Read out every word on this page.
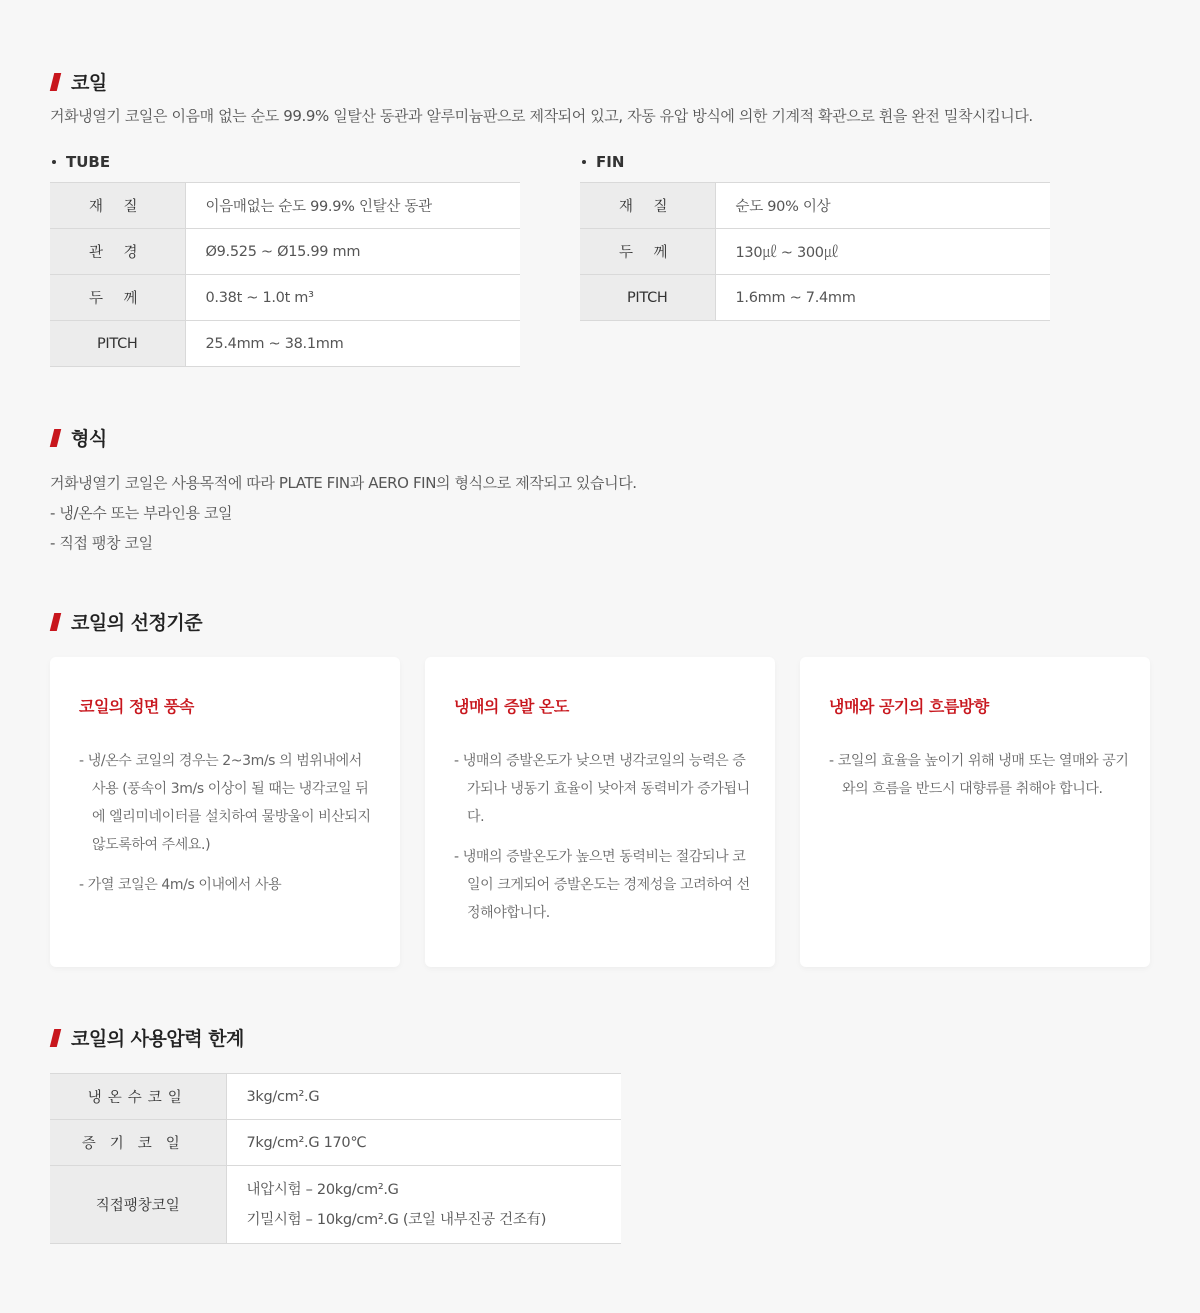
코일
거화냉열기 코일은 이음매 없는 순도 99.9% 일탈산 동관과 알루미늄판으로 제작되어 있고, 자동 유압 방식에 의한 기계적 확관으로 휜을 완전 밀착시킵니다.
TUBE
재 질	이음매없는 순도 99.9% 인탈산 동관
관 경	Ø9.525 ~ Ø15.99 mm
두 께	0.38t ~ 1.0t m³
PITCH	25.4mm ~ 38.1mm
FIN
재 질	순도 90% 이상
두 께	130㎕ ~ 300㎕
PITCH	1.6mm ~ 7.4mm
형식
거화냉열기 코일은 사용목적에 따라 PLATE FIN과 AERO FIN의 형식으로 제작되고 있습니다.
- 냉/온수 또는 부라인용 코일
- 직접 팽창 코일
코일의 선정기준
코일의 정면 풍속
- 냉/온수 코일의 경우는 2~3m/s 의 범위내에서 사용 (풍속이 3m/s 이상이 될 때는 냉각코일 뒤에 엘리미네이터를 설치하여 물방울이 비산되지 않도록하여 주세요.)
- 가열 코일은 4m/s 이내에서 사용
냉매의 증발 온도
- 냉매의 증발온도가 낮으면 냉각코일의 능력은 증가되나 냉동기 효율이 낮아져 동력비가 증가됩니다.
- 냉매의 증발온도가 높으면 동력비는 절감되나 코일이 크게되어 증발온도는 경제성을 고려하여 선정해야합니다.
냉매와 공기의 흐름방향
- 코일의 효율을 높이기 위해 냉매 또는 열매와 공기와의 흐름을 반드시 대향류를 취해야 합니다.
코일의 사용압력 한계
냉온수코일	3kg/cm².G
증기코일	7kg/cm².G 170℃
직접팽창코일	내압시험 – 20kg/cm².G
기밀시험 – 10kg/cm².G (코일 내부진공 건조有)
